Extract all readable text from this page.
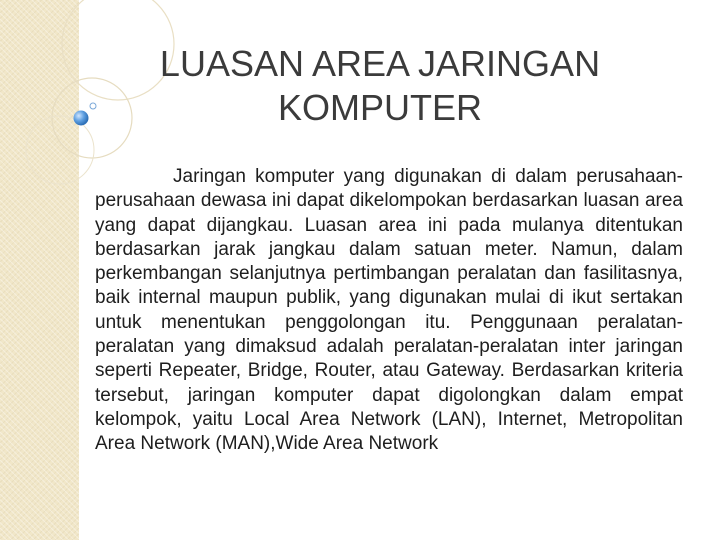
LUASAN AREA JARINGAN KOMPUTER

Jaringan komputer yang digunakan di dalam perusahaan-perusahaan dewasa ini dapat dikelompokan berdasarkan luasan area yang dapat dijangkau. Luasan area ini pada mulanya ditentukan berdasarkan jarak jangkau dalam satuan meter. Namun, dalam perkembangan selanjutnya pertimbangan peralatan dan fasilitasnya, baik internal maupun publik, yang digunakan mulai di ikut sertakan untuk menentukan penggolongan itu. Penggunaan peralatan-peralatan yang dimaksud adalah peralatan-peralatan inter jaringan seperti Repeater, Bridge, Router, atau Gateway. Berdasarkan kriteria tersebut, jaringan komputer dapat digolongkan dalam empat kelompok, yaitu Local Area Network (LAN), Internet, Metropolitan Area Network (MAN),Wide Area Network
